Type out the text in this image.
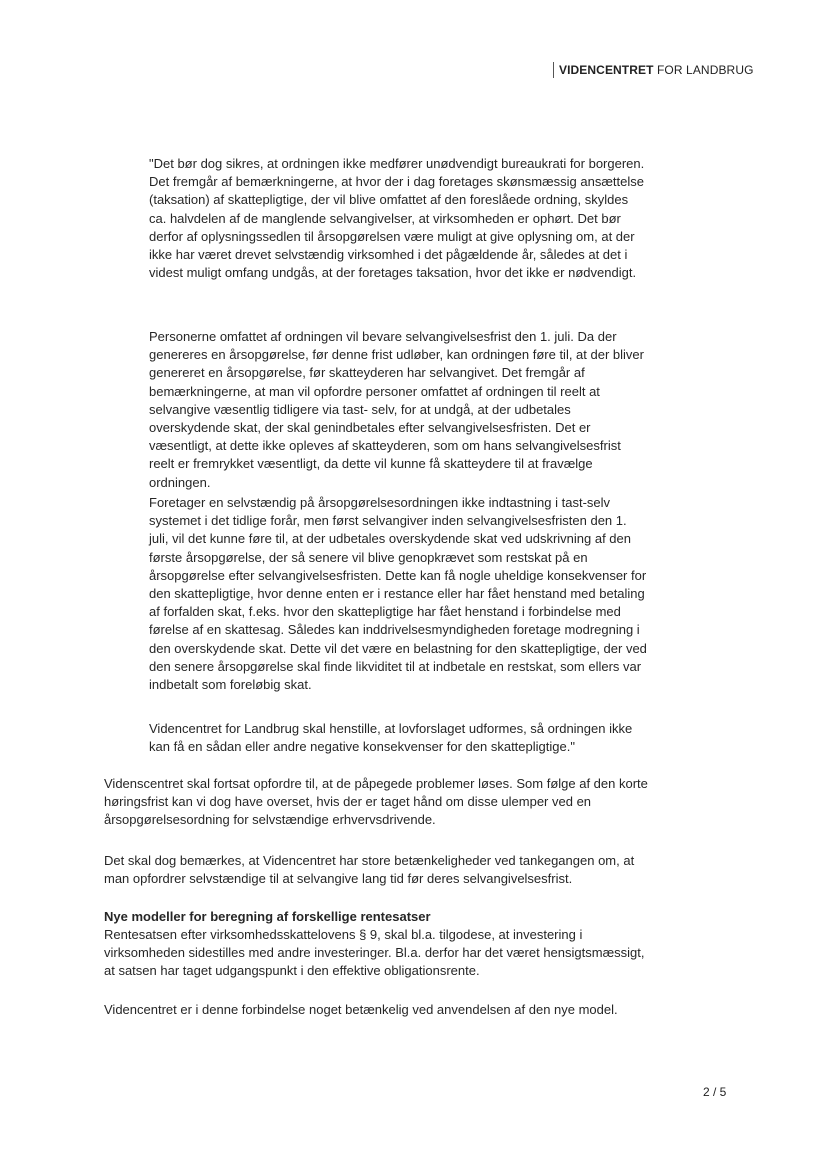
VIDENCENTRET FOR LANDBRUG

"Det bør dog sikres, at ordningen ikke medfører unødvendigt bureaukrati for borgeren. Det fremgår af bemærkningerne, at hvor der i dag foretages skønsmæssig ansættelse (taksation) af skattepligtige, der vil blive omfattet af den foreslåede ordning, skyldes ca. halvdelen af de manglende selvangivelser, at virksomheden er ophørt. Det bør derfor af oplysningssedlen til årsopgørelsen være muligt at give oplysning om, at der ikke har været drevet selvstændig virksomhed i det pågældende år, således at det i videst muligt omfang undgås, at der foretages taksation, hvor det ikke er nødvendigt.

Personerne omfattet af ordningen vil bevare selvangivelsesfrist den 1. juli. Da der genereres en årsopgørelse, før denne frist udløber, kan ordningen føre til, at der bliver genereret en årsopgørelse, før skatteyderen har selvangivet. Det fremgår af bemærkningerne, at man vil opfordre personer omfattet af ordningen til reelt at selvangive væsentlig tidligere via tast- selv, for at undgå, at der udbetales overskydende skat, der skal genindbetales efter selvangivelsesfristen. Det er væsentligt, at dette ikke opleves af skatteyderen, som om hans selvangivelsesfrist reelt er fremrykket væsentligt, da dette vil kunne få skatteydere til at fravælge ordningen.

Foretager en selvstændig på årsopgørelsesordningen ikke indtastning i tast-selv systemet i det tidlige forår, men først selvangiver inden selvangivelsesfristen den 1. juli, vil det kunne føre til, at der udbetales overskydende skat ved udskrivning af den første årsopgørelse, der så senere vil blive genopkrævet som restskat på en årsopgørelse efter selvangivelsesfristen. Dette kan få nogle uheldige konsekvenser for den skattepligtige, hvor denne enten er i restance eller har fået henstand med betaling af forfalden skat, f.eks. hvor den skattepligtige har fået henstand i forbindelse med førelse af en skattesag. Således kan inddrivelsesmyndigheden foretage modregning i den overskydende skat. Dette vil det være en belastning for den skattepligtige, der ved den senere årsopgørelse skal finde likviditet til at indbetale en restskat, som ellers var indbetalt som foreløbig skat.

Videncentret for Landbrug skal henstille, at lovforslaget udformes, så ordningen ikke kan få en sådan eller andre negative konsekvenser for den skattepligtige."

Videnscentret skal fortsat opfordre til, at de påpegede problemer løses. Som følge af den korte høringsfrist kan vi dog have overset, hvis der er taget hånd om disse ulemper ved en årsopgørelsesordning for selvstændige erhvervsdrivende.

Det skal dog bemærkes, at Videncentret har store betænkeligheder ved tankegangen om, at man opfordrer selvstændige til at selvangive lang tid før deres selvangivelsesfrist.

Nye modeller for beregning af forskellige rentesatser

Rentesatsen efter virksomhedsskattelovens § 9, skal bl.a. tilgodese, at investering i virksomheden sidestilles med andre investeringer. Bl.a. derfor har det været hensigtsmæssigt, at satsen har taget udgangspunkt i den effektive obligationsrente.

Videncentret er i denne forbindelse noget betænkelig ved anvendelsen af den nye model.

2 / 5
